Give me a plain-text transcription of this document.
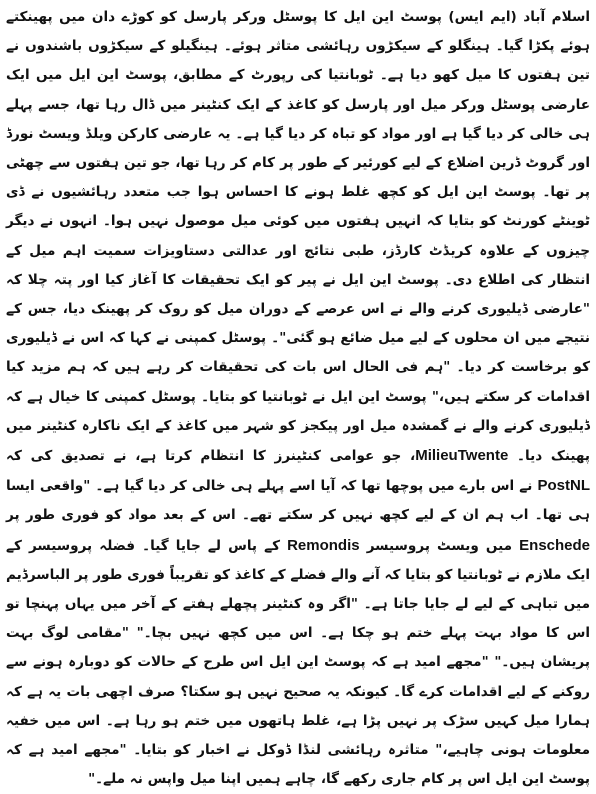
اسلام آباد (ایم ایس) پوسٹ این ایل کا پوسٹل ورکر پارسل کو کوڑے دان میں پھینکتے ہوئے پکڑا گیا۔ ہینگلو کے سیکڑوں رہائشی متاثر ہوئے۔ ہینگیلو کے سیکڑوں باشندوں نے تین ہفتوں کا میل کھو دیا ہے۔ ٹوبانتیا کی رپورٹ کے مطابق، پوسٹ این ایل میں ایک عارضی پوسٹل ورکر میل اور پارسل کو کاغذ کے ایک کنٹینر میں ڈال رہا تھا، جسے پہلے ہی خالی کر دیا گیا ہے اور مواد کو تباہ کر دیا گیا ہے۔ یہ عارضی کارکن ویلڈ ویسٹ نورڈ اور گروٹ ڈرین اضلاع کے لیے کورئیر کے طور پر کام کر رہا تھا، جو تین ہفتوں سے چھٹی پر تھا۔ پوسٹ این ایل کو کچھ غلط ہونے کا احساس ہوا جب متعدد رہائشیوں نے ڈی ٹوینٹے کورنٹ کو بتایا کہ انہیں ہفتوں میں کوئی میل موصول نہیں ہوا۔ انہوں نے دیگر چیزوں کے علاوہ کریڈٹ کارڈز، طبی نتائج اور عدالتی دستاویزات سمیت اہم میل کے انتظار کی اطلاع دی۔ پوسٹ این ایل نے پیر کو ایک تحقیقات کا آغاز کیا اور پتہ چلا کہ "عارضی ڈیلیوری کرنے والے نے اس عرصے کے دوران میل کو روک کر پھینک دیا، جس کے نتیجے میں ان محلوں کے لیے میل ضائع ہو گئی"۔ پوسٹل کمپنی نے کہا کہ اس نے ڈیلیوری کو برخاست کر دیا۔ "ہم فی الحال اس بات کی تحقیقات کر رہے ہیں کہ ہم مزید کیا اقدامات کر سکتے ہیں،" پوسٹ این ایل نے ٹوبانتیا کو بتایا۔ پوسٹل کمپنی کا خیال ہے کہ ڈیلیوری کرنے والے نے گمشدہ میل اور پیکجز کو شہر میں کاغذ کے ایک ناکارہ کنٹینر میں پھینک دیا۔ MilieuTwente، جو عوامی کنٹینرز کا انتظام کرتا ہے، نے تصدیق کی کہ PostNL نے اس بارے میں پوچھا تھا کہ آیا اسے پہلے ہی خالی کر دیا گیا ہے۔ "واقعی ایسا ہی تھا۔ اب ہم ان کے لیے کچھ نہیں کر سکتے تھے۔ اس کے بعد مواد کو فوری طور پر Enschede میں ویسٹ پروسیسر Remondis کے پاس لے جایا گیا۔ فضلہ پروسیسر کے ایک ملازم نے ٹوبانتیا کو بتایا کہ آنے والے فضلے کے کاغذ کو تقریباً فوری طور پر الباسرڈیم میں تباہی کے لیے لے جایا جاتا ہے۔ "اگر وہ کنٹینر پچھلے ہفتے کے آخر میں یہاں پہنچا تو اس کا مواد بہت پہلے ختم ہو چکا ہے۔ اس میں کچھ نہیں بچا۔" "مقامی لوگ بہت پریشان ہیں۔" "مجھے امید ہے کہ پوسٹ این ایل اس طرح کے حالات کو دوبارہ ہونے سے روکنے کے لیے اقدامات کرے گا۔ کیونکہ یہ صحیح نہیں ہو سکتا؟ صرف اچھی بات یہ ہے کہ ہمارا میل کہیں سڑک پر نہیں پڑا ہے، غلط ہاتھوں میں ختم ہو رہا ہے۔ اس میں خفیہ معلومات ہونی چاہیے،" متاثرہ رہائشی لنڈا ڈوکل نے اخبار کو بتایا۔ "مجھے امید ہے کہ پوسٹ این ایل اس پر کام جاری رکھے گا، چاہے ہمیں اپنا میل واپس نہ ملے۔"
